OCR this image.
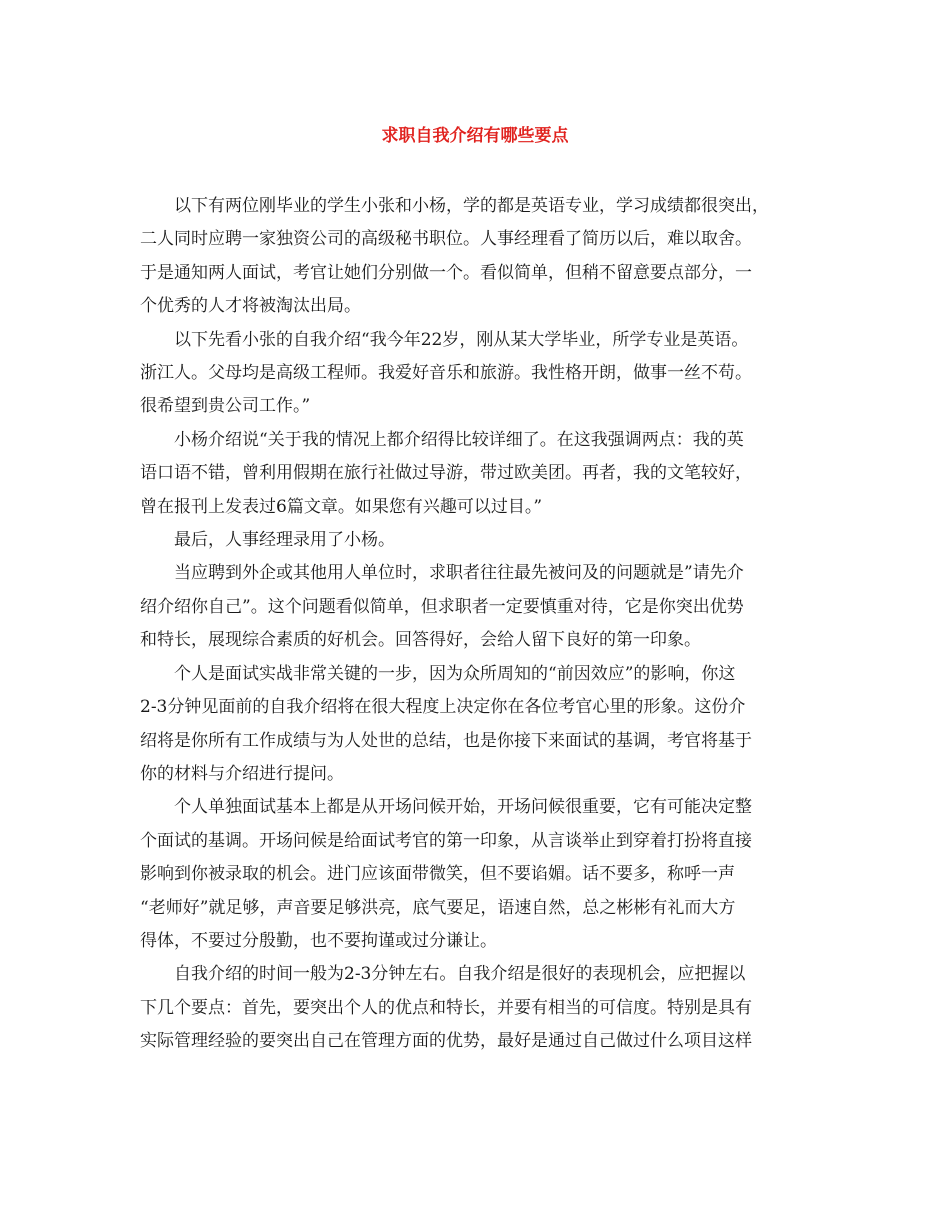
求职自我介绍有哪些要点
以下有两位刚毕业的学生小张和小杨，学的都是英语专业，学习成绩都很突出，
二人同时应聘一家独资公司的高级秘书职位。人事经理看了简历以后，难以取舍。
于是通知两人面试，考官让她们分别做一个。看似简单，但稍不留意要点部分，一
个优秀的人才将被淘汰出局。
以下先看小张的自我介绍“我今年22岁，刚从某大学毕业，所学专业是英语。
浙江人。父母均是高级工程师。我爱好音乐和旅游。我性格开朗，做事一丝不苟。
很希望到贵公司工作。”
小杨介绍说“关于我的情况上都介绍得比较详细了。在这我强调两点：我的英
语口语不错，曾利用假期在旅行社做过导游，带过欧美团。再者，我的文笔较好，
曾在报刊上发表过6篇文章。如果您有兴趣可以过目。”
最后，人事经理录用了小杨。
当应聘到外企或其他用人单位时，求职者往往最先被问及的问题就是”请先介
绍介绍你自己”。这个问题看似简单，但求职者一定要慎重对待，它是你突出优势
和特长，展现综合素质的好机会。回答得好，会给人留下良好的第一印象。
个人是面试实战非常关键的一步，因为众所周知的“前因效应”的影响，你这
2-3分钟见面前的自我介绍将在很大程度上决定你在各位考官心里的形象。这份介
绍将是你所有工作成绩与为人处世的总结，也是你接下来面试的基调，考官将基于
你的材料与介绍进行提问。
个人单独面试基本上都是从开场问候开始，开场问候很重要，它有可能决定整
个面试的基调。开场问候是给面试考官的第一印象，从言谈举止到穿着打扮将直接
影响到你被录取的机会。进门应该面带微笑，但不要谄媚。话不要多，称呼一声
“老师好”就足够，声音要足够洪亮，底气要足，语速自然，总之彬彬有礼而大方
得体，不要过分殷勤，也不要拘谨或过分谦让。
自我介绍的时间一般为2-3分钟左右。自我介绍是很好的表现机会，应把握以
下几个要点：首先，要突出个人的优点和特长，并要有相当的可信度。特别是具有
实际管理经验的要突出自己在管理方面的优势，最好是通过自己做过什么项目这样
